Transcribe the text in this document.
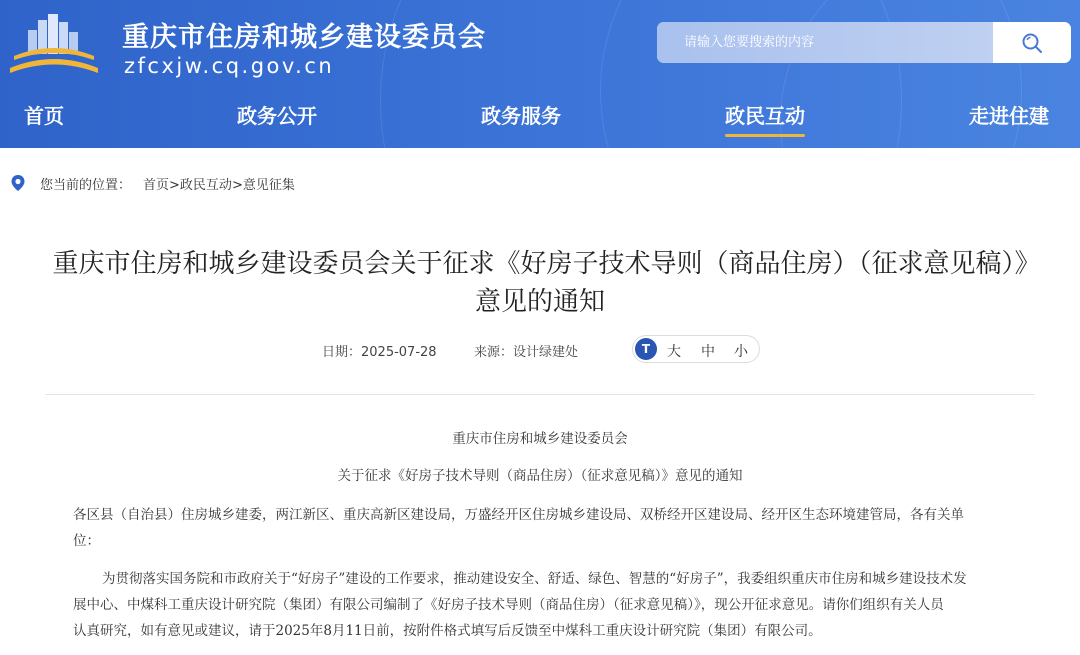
重庆市住房和城乡建设委员会
zfcxjw.cq.gov.cn
请输入您要搜索的内容
首页	政务公开	政务服务	政民互动	走进住建
您当前的位置： 首页>政民互动>意见征集
重庆市住房和城乡建设委员会关于征求《好房子技术导则（商品住房）（征求意见稿）》意见的通知
日期：2025-07-28	来源：设计绿建处	T	大 中 小
重庆市住房和城乡建设委员会
关于征求《好房子技术导则（商品住房）（征求意见稿）》意见的通知
各区县（自治县）住房城乡建委，两江新区、重庆高新区建设局，万盛经开区住房城乡建设局、双桥经开区建设局、经开区生态环境建管局，各有关单
位：
为贯彻落实国务院和市政府关于“好房子”建设的工作要求，推动建设安全、舒适、绿色、智慧的“好房子”，我委组织重庆市住房和城乡建设技术发
展中心、中煤科工重庆设计研究院（集团）有限公司编制了《好房子技术导则（商品住房）（征求意见稿）》，现公开征求意见。请你们组织有关人员
认真研究，如有意见或建议，请于2025年8月11日前，按附件格式填写后反馈至中煤科工重庆设计研究院（集团）有限公司。
